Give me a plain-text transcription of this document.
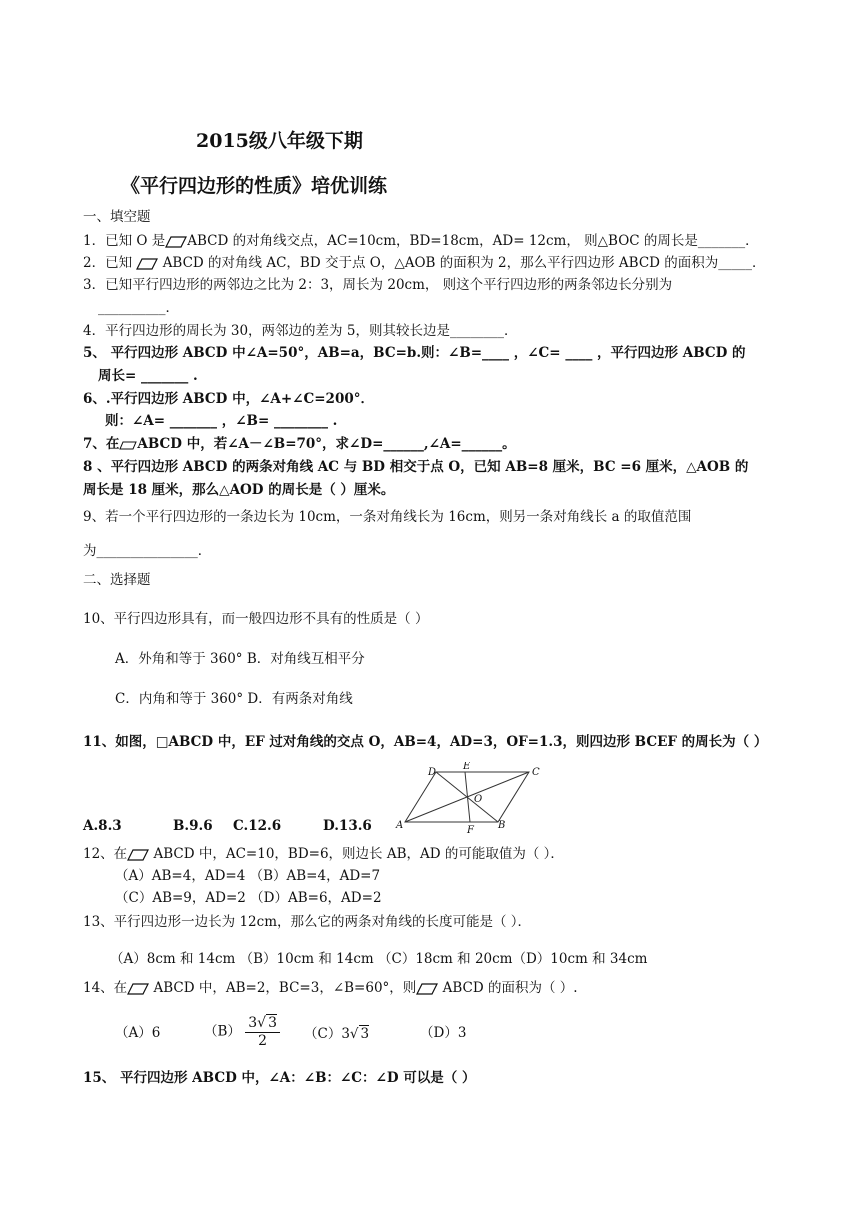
2015级八年级下期
《平行四边形的性质》培优训练
一、填空题
1．已知 O 是 ABCD 的对角线交点，AC=10cm，BD=18cm，AD= 12cm， 则△BOC 的周长是_______．
2．已知 ABCD 的对角线 AC，BD 交于点 O，△AOB 的面积为 2，那么平行四边形 ABCD 的面积为_____．
3．已知平行四边形的两邻边之比为 2：3，周长为 20cm， 则这个平行四边形的两条邻边长分别为
__________．
4．平行四边形的周长为 30，两邻边的差为 5，则其较长边是________．
5、 平行四边形 ABCD 中∠A=50°，AB=a，BC=b.则：∠B=____ ，∠C= ____ ，平行四边形 ABCD 的
周长= _______ .
6、.平行四边形 ABCD 中，∠A+∠C=200°．
则：∠A= _______ ，∠B= ________ .
7、在 ABCD 中，若∠A－∠B=70°，求∠D=______,∠A=______。
8 、平行四边形 ABCD 的两条对角线 AC 与 BD 相交于点 O，已知 AB=8 厘米，BC =6 厘米，△AOB 的
周长是 18 厘米，那么△AOD 的周长是（ ）厘米。
9、若一个平行四边形的一条边长为 10cm，一条对角线长为 16cm，则另一条对角线长 a 的取值范围
为_______________．
二、选择题
10、平行四边形具有，而一般四边形不具有的性质是（ ）
A．外角和等于 360° B．对角线互相平分
C．内角和等于 360° D．有两条对角线
11、如图，□ABCD 中，EF 过对角线的交点 O，AB=4，AD=3，OF=1.3，则四边形 BCEF 的周长为（ ）
A	B
C
D
E
F
O
A.8.3	B.9.6 C.12.6	D.13.6
12、在 ABCD 中，AC=10，BD=6，则边长 AB，AD 的可能取值为（ ）．
（A）AB=4，AD=4 （B）AB=4，AD=7
（C）AB=9，AD=2 （D）AB=6，AD=2
13、平行四边形一边长为 12cm，那么它的两条对角线的长度可能是（ ）．
（A）8cm 和 14cm （B）10cm 和 14cm （C）18cm 和 20cm（D）10cm 和 34cm
14、在 ABCD 中，AB=2，BC=3，∠B=60°，则 ABCD 的面积为（ ）.
（A）6	$(B) \frac{3√ 3}{2} (C)3√$ 3	（D）3
15、 平行四边形 ABCD 中，∠A：∠B：∠C：∠D 可以是（ ）
